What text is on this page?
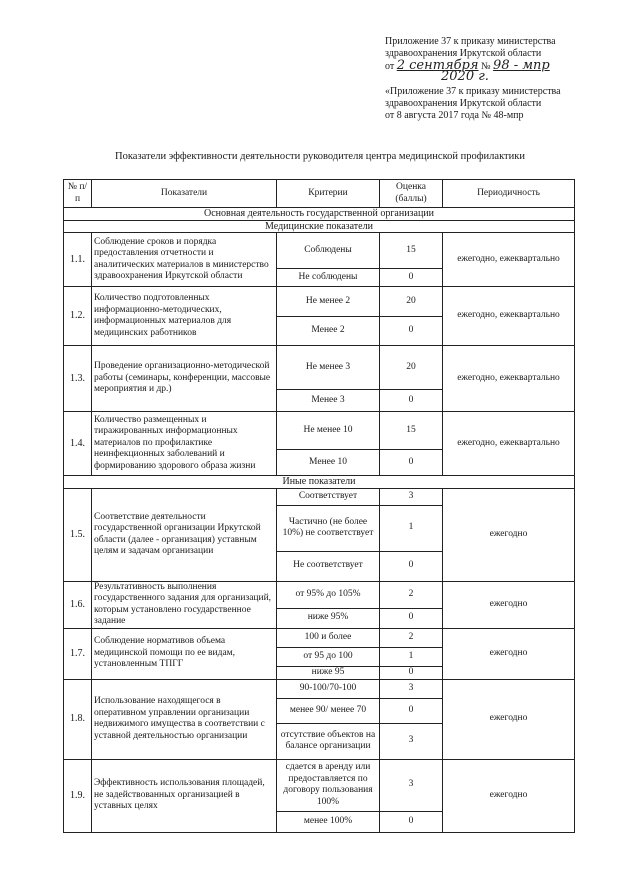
Приложение 37 к приказу министерства
здравоохранения Иркутской области
от 2 сентября № 98 - мпр
2020 г.
«Приложение 37 к приказу министерства
здравоохранения Иркутской области
от 8 августа 2017 года № 48-мпр
Показатели эффективности деятельности руководителя центра медицинской профилактики
№ п/п	Показатели	Критерии	Оценка (баллы)	Периодичность
Основная деятельность государственной организации				
Медицинские показатели				
1.1.	Соблюдение сроков и порядка предоставления отчетности и аналитических материалов в министерство здравоохранения Иркутской области	Соблюдены	15	ежегодно, ежеквартально
		Не соблюдены	0	
1.2.	Количество подготовленных информационно-методических, информационных материалов для медицинских работников	Не менее 2	20	ежегодно, ежеквартально
		Менее 2	0	
1.3.	Проведение организационно-методической работы (семинары, конференции, массовые мероприятия и др.)	Не менее 3	20	ежегодно, ежеквартально
		Менее 3	0	
1.4.	Количество размещенных и тиражированных информационных материалов по профилактике неинфекционных заболеваний и формированию здорового образа жизни	Не менее 10	15	ежегодно, ежеквартально
		Менее 10	0	
Иные показатели				
1.5.	Соответствие деятельности государственной организации Иркутской области (далее - организация) уставным целям и задачам организации	Соответствует	3	ежегодно
		Частично (не более 10%) не соответствует	1	
		Не соответствует	0	
1.6.	Результативность выполнения государственного задания для организаций, которым установлено государственное задание	от 95% до 105%	2	ежегодно
		ниже 95%	0	
1.7.	Соблюдение нормативов объема медицинской помощи по ее видам, установленным ТПГГ	100 и более	2	ежегодно
		от 95 до 100	1	
		ниже 95	0	
1.8.	Использование находящегося в оперативном управлении организации недвижимого имущества в соответствии с уставной деятельностью организации	90-100/70-100	3	ежегодно
		менее 90/ менее 70	0	
		отсутствие объектов на балансе организации	3	
1.9.	Эффективность использования площадей, не задействованных организацией в уставных целях	сдается в аренду или предоставляется по договору пользования 100%	3	ежегодно
		менее 100%	0	
